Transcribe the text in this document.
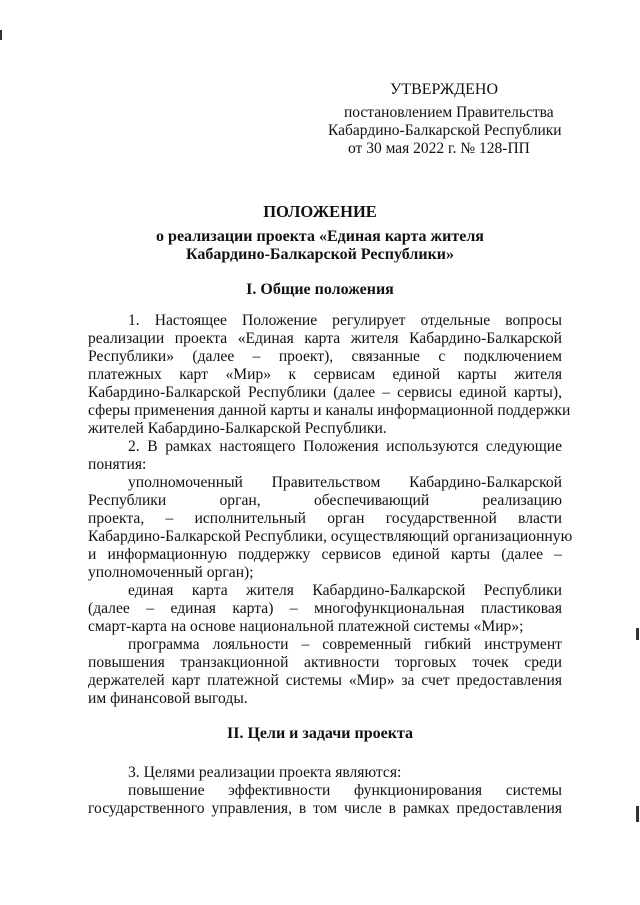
УТВЕРЖДЕНО
постановлением Правительства
Кабардино-Балкарской Республики
от 30 мая 2022 г. № 128-ПП
ПОЛОЖЕНИЕ
о реализации проекта «Единая карта жителя
Кабардино-Балкарской Республики»
I. Общие положения
1. Настоящее Положение регулирует отдельные вопросы
реализации проекта «Единая карта жителя Кабардино-Балкарской
Республики» (далее – проект), связанные с подключением
платежных карт «Мир» к сервисам единой карты жителя
Кабардино-Балкарской Республики (далее – сервисы единой карты),
сферы применения данной карты и каналы информационной поддержки
жителей Кабардино-Балкарской Республики.
2. В рамках настоящего Положения используются следующие
понятия:
уполномоченный Правительством Кабардино-Балкарской
Республики орган, обеспечивающий реализацию
проекта, – исполнительный орган государственной власти
Кабардино-Балкарской Республики, осуществляющий организационную
и информационную поддержку сервисов единой карты (далее –
уполномоченный орган);
единая карта жителя Кабардино-Балкарской Республики
(далее – единая карта) – многофункциональная пластиковая
смарт-карта на основе национальной платежной системы «Мир»;
программа лояльности – современный гибкий инструмент
повышения транзакционной активности торговых точек среди
держателей карт платежной системы «Мир» за счет предоставления
им финансовой выгоды.
II. Цели и задачи проекта
3. Целями реализации проекта являются:
повышение эффективности функционирования системы
государственного управления, в том числе в рамках предоставления
